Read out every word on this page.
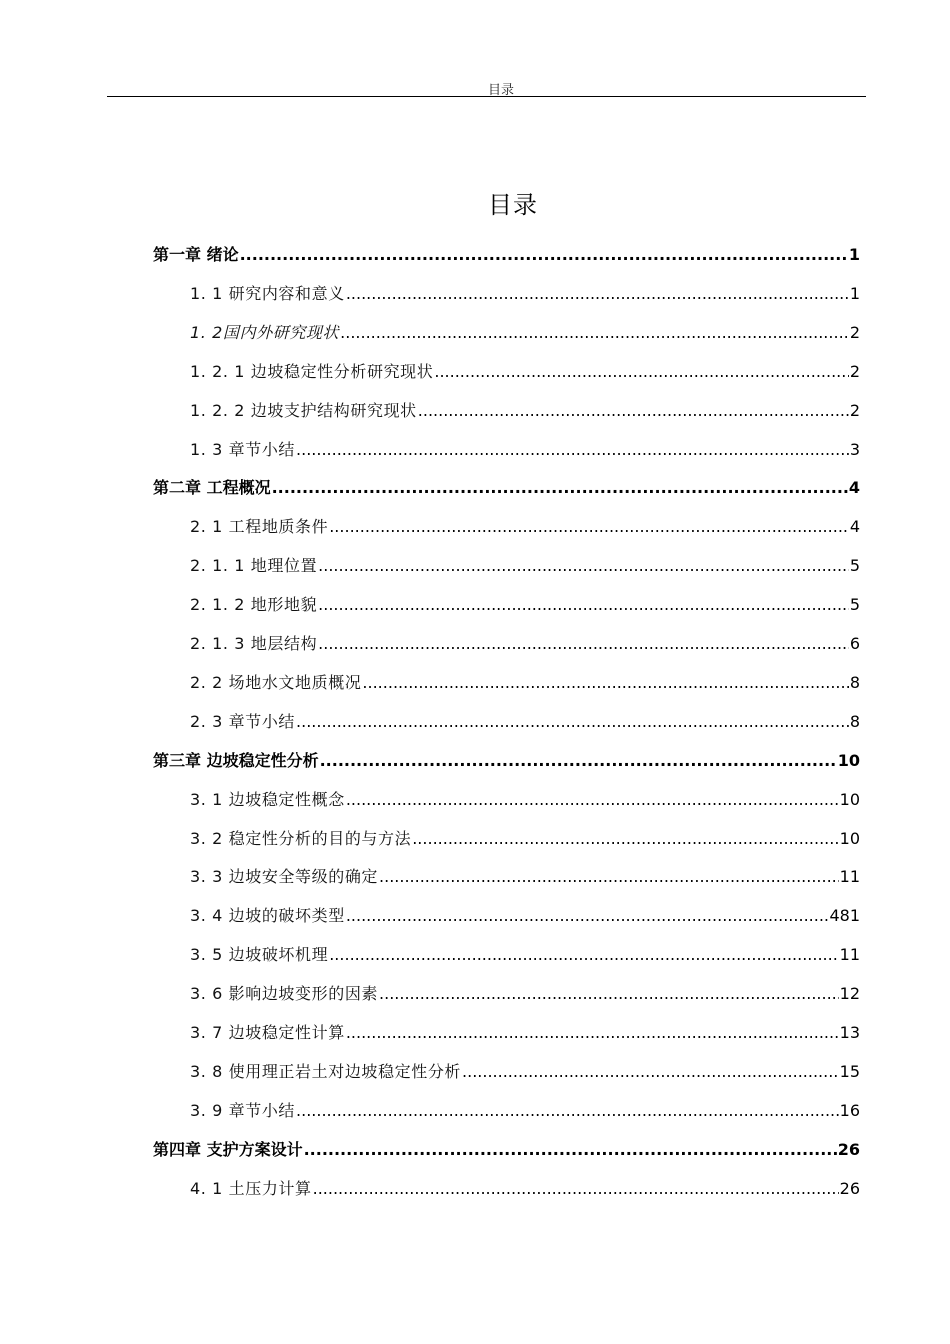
目录
目录
第一章 绪论 .....	1
1. 1 研究内容和意义 .....	1
1. 2国内外研究现状 .....	2
1. 2. 1 边坡稳定性分析研究现状 .....	2
1. 2. 2 边坡支护结构研究现状 .....	2
1. 3 章节小结 .....	3
第二章 工程概况 .....	4
2. 1 工程地质条件 .....	4
2. 1. 1 地理位置 .....	5
2. 1. 2 地形地貌 .....	5
2. 1. 3 地层结构 .....	6
2. 2 场地水文地质概况 .....	8
2. 3 章节小结 .....	8
第三章 边坡稳定性分析 .....	10
3. 1 边坡稳定性概念 .....	10
3. 2 稳定性分析的目的与方法 .....	10
3. 3 边坡安全等级的确定 .....	11
3. 4 边坡的破坏类型 .....	481
3. 5 边坡破坏机理 .....	11
3. 6 影响边坡变形的因素 .....	12
3. 7 边坡稳定性计算 .....	13
3. 8 使用理正岩土对边坡稳定性分析 .....	15
3. 9 章节小结 .....	16
第四章 支护方案设计 .....	26
4. 1 土压力计算 .....	26
